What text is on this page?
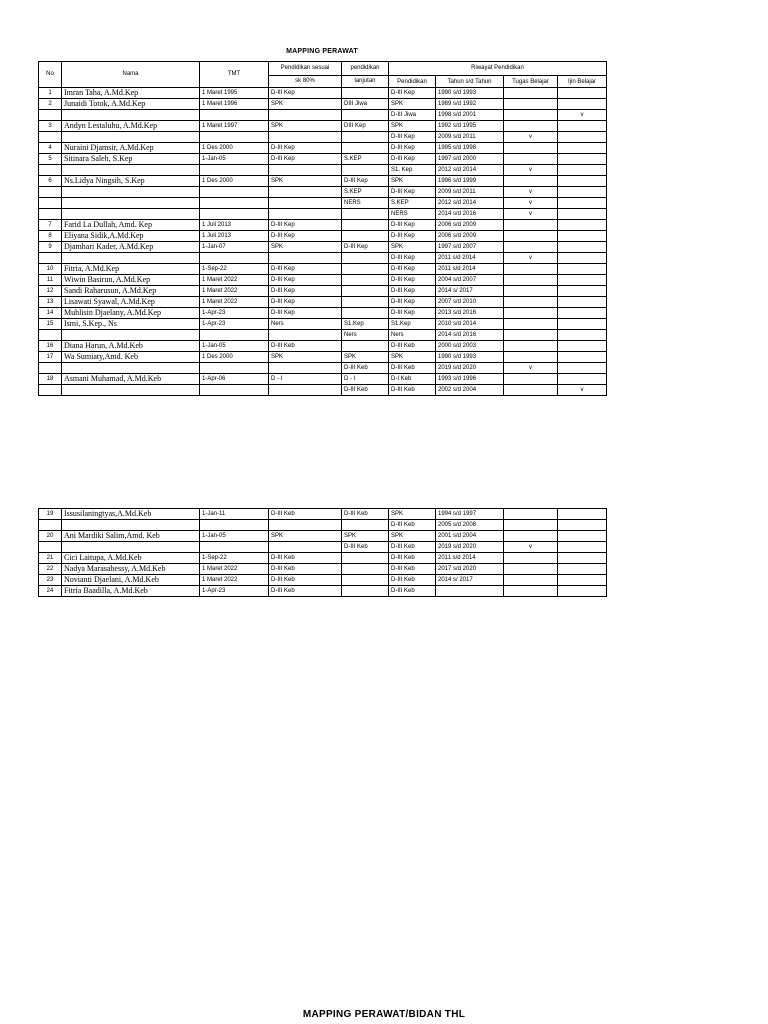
MAPPING PERAWAT
No	Nama	TMT	Pendidikan sesuai	pendidikan	Riwayat Pendidikan			
			sk 80%	lanjutan				
					Pendidikan	Tahun s/d Tahun	Tugas Belajar	Ijin Belajar
1	Imran Taha, A.Md.Kep	1 Maret 1995	D-III Kep		D-III Kep	1990 s/d 1993		
2	Junaidi Totok, A.Md.Kep	1 Maret 1996	SPK	DIII Jiwa	SPK	1989 s/d 1992		
					D-III Jiwa	1998 s/d 2001		v
3	Andyn Lestaluhu, A.Md.Kep	1 Maret 1997	SPK	DIII Kep	SPK	1992 s/d 1995		
					D-III Kep	2009 s/d 2011	v	
4	Nuraini Djamsir, A.Md.Kep	1 Des 2000	D-III Kep		D-III Kep	1995 s/d 1998		
5	Sitinara Saleh, S.Kep	1-Jan-05	D-III Kep	S.KEP	D-III Kep	1997 s/d 2000		
					S1. Kep	2012 s/d 2014	v	
6	Ns.Lidya Ningsih, S.Kep	1 Des 2000	SPK	D-III Kep	SPK	1996 s/d 1999		
				S.KEP	D-III Kep	2009 s/d 2011	v	
				NERS	S.KEP	2012 s/d 2014	v	
					NERS	2014 s/d 2016	v	
7	Farid La Dullah, Amd. Kep	1 Juli 2013	D-III Kep		D-III Kep	2006 s/d 2009		
8	Eliyana Sidik,A.Md.Kep	1 Juli 2013	D-III Kep		D-III Kep	2006 s/d 2009		
9	Djamhari Kader, A.Md.Kep	1-Jan-07	SPK	D-III Kep	SPK	1997 s/d 2007		
					D-III Kep	2011 s/d 2014	v	
10	Fitria, A.Md.Kep	1-Sep-22	D-III Kep		D-III Kep	2011 s/d 2014		
11	Wiwin Basirun, A.Md.Kep	1 Maret 2022	D-III Kep		D-III Kep	2004 s/d 2007		
12	Sandi Raharusun, A.Md.Kep	1 Maret 2022	D-III Kep		D-III Kep	2014 s/ 2017		
13	Lisawati Syawal, A.Md.Kep	1 Maret 2022	D-III Kep		D-III Kep	2007 s/d 2010		
14	Muhlisin Djaelany, A.Md.Kep	1-Apr-23	D-III Kep		D-III Kep	2013 s/d 2016		
15	Ismi, S.Kep., Ns	1-Apr-23	Ners	S1.Kep	S1.Kep	2010 s/d 2014		
				Ners	Ners	2014 s/d 2016		
16	Diana Harun, A.Md.Keb	1-Jan-05	D-III Keb		D-III Keb	2000 s/d 2003		
17	Wa Sumiaty,Amd. Keb	1 Des 2000	SPK	SPK	SPK	1990 s/d 1993		
				D-III Keb	D-III Keb	2019 s/d 2020	v	
18	Asmani Muhamad, A.Md.Keb	1-Apr-06	D - I	D - I	D-I Keb	1993 s/d 1996		
				D-III Keb	D-III Keb	2002 s/d 2004		v
19	Issusilaningtyas,A.Md.Keb	1-Jan-11	D-III Keb	D-III Keb	SPK	1994 s/d 1997		
					D-III Keb	2005 s/d 2008		
20	Ani Mardiki Salim,Amd. Keb	1-Jan-05	SPK	SPK	SPK	2001 s/d 2004		
				D-III Keb	D-III Keb	2019 s/d 2020	v	
21	Cici Laitupa, A.Md.Keb	1-Sep-22	D-III Keb		D-III Keb	2011 s/d 2014		
22	Nadya Marasabessy, A.Md.Keb	1 Maret 2022	D-III Keb		D-III Keb	2017 s/d 2020		
23	Novianti Djaelani, A.Md.Keb	1 Maret 2022	D-III Keb		D-III Keb	2014 s/ 2017		
24	Fitria Baadilla, A.Md.Keb	1-Apr-23	D-III Keb		D-III Keb			
MAPPING PERAWAT/BIDAN THL
